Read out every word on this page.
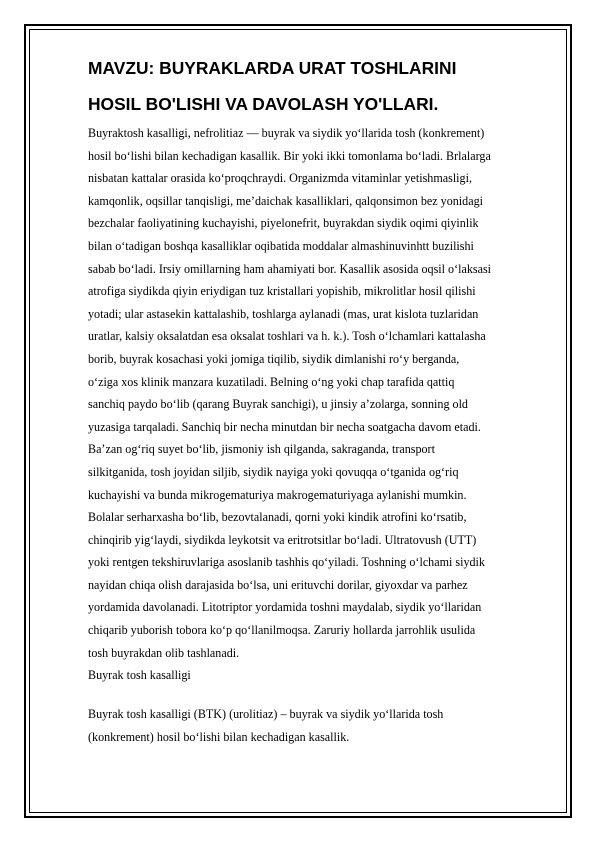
MAVZU: BUYRAKLARDA URAT TOSHLARINI
HOSIL BO'LISHI VA DAVOLASH YO'LLARI.

Buyraktosh kasalligi, nefrolitiaz — buyrak va siydik yoʻllarida tosh (konkrement)
hosil boʻlishi bilan kechadigan kasallik. Bir yoki ikki tomonlama boʻladi. Brlalarga
nisbatan kattalar orasida koʻproqchraydi. Organizmda vitaminlar yetishmasligi,
kamqonlik, oqsillar tanqisligi, meʼdaichak kasalliklari, qalqonsimon bez yonidagi
bezchalar faoliyatining kuchayishi, piyelonefrit, buyrakdan siydik oqimi qiyinlik
bilan oʻtadigan boshqa kasalliklar oqibatida moddalar almashinuvinhtt buzilishi
sabab boʻladi. Irsiy omillarning ham ahamiyati bor. Kasallik asosida oqsil oʻlaksasi
atrofiga siydikda qiyin eriydigan tuz kristallari yopishib, mikrolitlar hosil qilishi
yotadi; ular astasekin kattalashib, toshlarga aylanadi (mas, urat kislota tuzlaridan
uratlar, kalsiy oksalatdan esa oksalat toshlari va h. k.). Tosh oʻlchamlari kattalasha
borib, buyrak kosachasi yoki jomiga tiqilib, siydik dimlanishi roʻy berganda,
oʻziga xos klinik manzara kuzatiladi. Belning oʻng yoki chap tarafida qattiq
sanchiq paydo boʻlib (qarang Buyrak sanchigi), u jinsiy aʼzolarga, sonning old
yuzasiga tarqaladi. Sanchiq bir necha minutdan bir necha soatgacha davom etadi.
Baʼzan ogʻriq suyet boʻlib, jismoniy ish qilganda, sakraganda, transport
silkitganida, tosh joyidan siljib, siydik nayiga yoki qovuqqa oʻtganida ogʻriq
kuchayishi va bunda mikrogematuriya makrogematuriyaga aylanishi mumkin.
Bolalar serharxasha boʻlib, bezovtalanadi, qorni yoki kindik atrofini koʻrsatib,
chinqirib yigʻlaydi, siydikda leykotsit va eritrotsitlar boʻladi. Ultratovush (UTT)
yoki rentgen tekshiruvlariga asoslanib tashhis qoʻyiladi. Toshning oʻlchami siydik
nayidan chiqa olish darajasida boʻlsa, uni erituvchi dorilar, giyoxdar va parhez
yordamida davolanadi. Litotriptor yordamida toshni maydalab, siydik yoʻllaridan
chiqarib yuborish tobora koʻp qoʻllanilmoqsa. Zaruriy hollarda jarrohlik usulida
tosh buyrakdan olib tashlanadi.

Buyrak tosh kasalligi

Buyrak tosh kasalligi (BTK) (urolitiaz) – buyrak va siydik yoʻllarida tosh
(konkrement) hosil boʻlishi bilan kechadigan kasallik.
